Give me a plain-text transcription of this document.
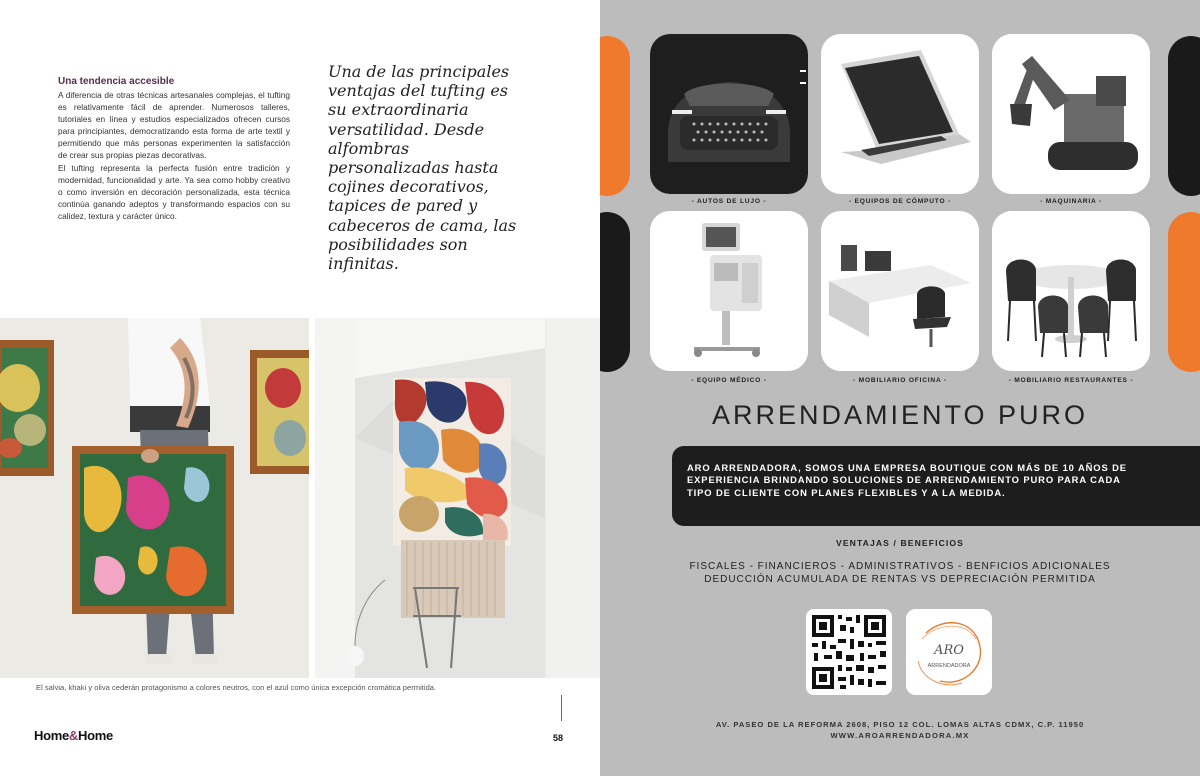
Una tendencia accesible

A diferencia de otras técnicas artesanales complejas, el tufting es relativamente fácil de aprender. Numerosos talleres, tutoriales en línea y estudios especializados ofrecen cursos para principiantes, democratizando esta forma de arte textil y permitiendo que más personas experimenten la satisfacción de crear sus propias piezas decorativas.

El tufting representa la perfecta fusión entre tradición y modernidad, funcionalidad y arte. Ya sea como hobby creativo o como inversión en decoración personalizada, esta técnica continúa ganando adeptos y transformando espacios con su calidez, textura y carácter único.

Una de las principales ventajas del tufting es su extraordinaria versatilidad. Desde alfombras personalizadas hasta cojines decorativos, tapices de pared y cabeceros de cama, las posibilidades son infinitas.
El salvia, khaki y oliva cederán protagonismo a colores neutros, con el azul como única excepción cromática permitida.
Home&Home	58
- AUTOS DE LUJO -	- EQUIPOS DE CÓMPUTO -	- MAQUINARIA -
- EQUIPO MÉDICO -	- MOBILIARIO OFICINA -	- MOBILIARIO RESTAURANTES -
ARRENDAMIENTO PURO

ARO ARRENDADORA, SOMOS UNA EMPRESA BOUTIQUE CON MÁS DE 10 AÑOS DE EXPERIENCIA BRINDANDO SOLUCIONES DE ARRENDAMIENTO PURO PARA CADA TIPO DE CLIENTE CON PLANES FLEXIBLES Y A LA MEDIDA.

VENTAJAS / BENEFICIOS
FISCALES - FINANCIEROS - ADMINISTRATIVOS - BENFICIOS ADICIONALES
DEDUCCIÓN ACUMULADA DE RENTAS VS DEPRECIACIÓN PERMITIDA
ARO
ARRENDADORA
AV. PASEO DE LA REFORMA 2608, PISO 12 COL. LOMAS ALTAS CDMX, C.P. 11950
WWW.AROARRENDADORA.MX
